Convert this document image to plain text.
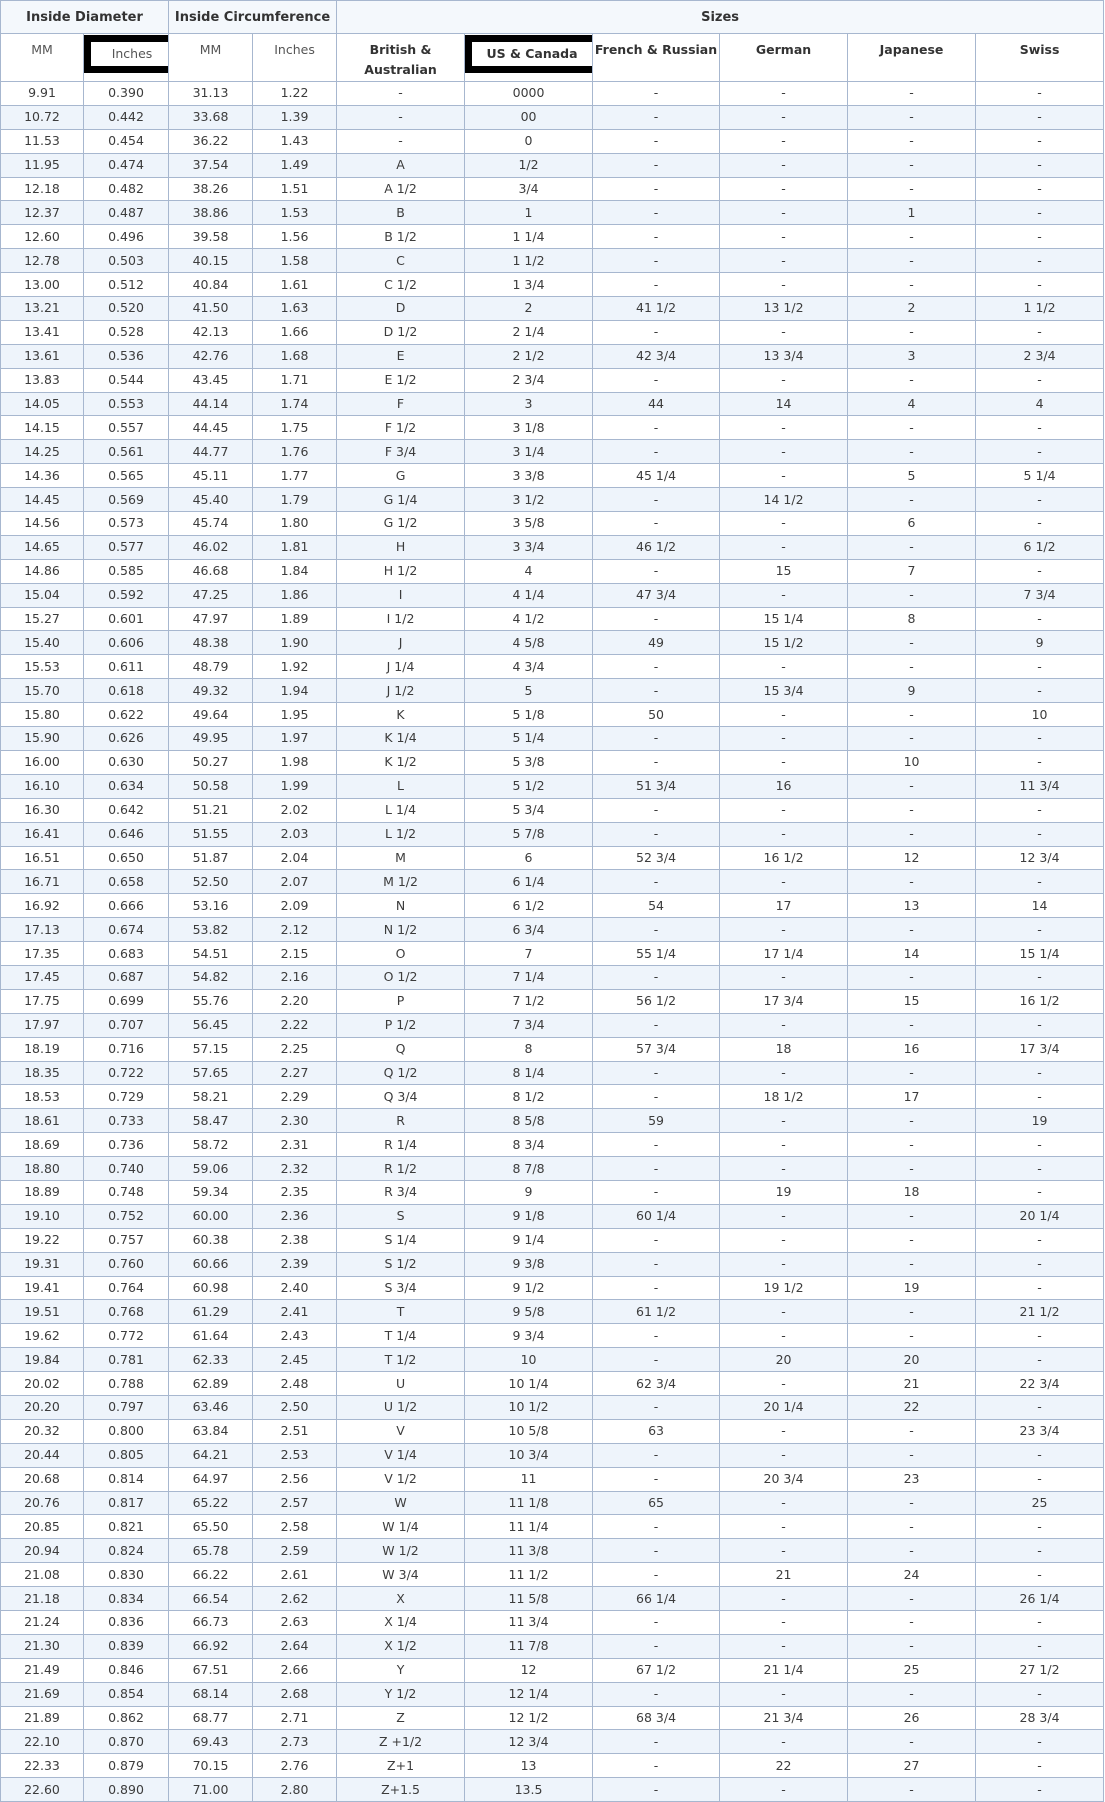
Inside Diameter		Inside Circumference		Sizes					
MM	Inches	MM	Inches	British & Australian	US & Canada	French & Russian	German	Japanese	Swiss
9.91	0.390	31.13	1.22	-	0000	-	-	-	-
10.72	0.442	33.68	1.39	-	00	-	-	-	-
11.53	0.454	36.22	1.43	-	0	-	-	-	-
11.95	0.474	37.54	1.49	A	1/2	-	-	-	-
12.18	0.482	38.26	1.51	A 1/2	3/4	-	-	-	-
12.37	0.487	38.86	1.53	B	1	-	-	1	-
12.60	0.496	39.58	1.56	B 1/2	1 1/4	-	-	-	-
12.78	0.503	40.15	1.58	C	1 1/2	-	-	-	-
13.00	0.512	40.84	1.61	C 1/2	1 3/4	-	-	-	-
13.21	0.520	41.50	1.63	D	2	41 1/2	13 1/2	2	1 1/2
13.41	0.528	42.13	1.66	D 1/2	2 1/4	-	-	-	-
13.61	0.536	42.76	1.68	E	2 1/2	42 3/4	13 3/4	3	2 3/4
13.83	0.544	43.45	1.71	E 1/2	2 3/4	-	-	-	-
14.05	0.553	44.14	1.74	F	3	44	14	4	4
14.15	0.557	44.45	1.75	F 1/2	3 1/8	-	-	-	-
14.25	0.561	44.77	1.76	F 3/4	3 1/4	-	-	-	-
14.36	0.565	45.11	1.77	G	3 3/8	45 1/4	-	5	5 1/4
14.45	0.569	45.40	1.79	G 1/4	3 1/2	-	14 1/2	-	-
14.56	0.573	45.74	1.80	G 1/2	3 5/8	-	-	6	-
14.65	0.577	46.02	1.81	H	3 3/4	46 1/2	-	-	6 1/2
14.86	0.585	46.68	1.84	H 1/2	4	-	15	7	-
15.04	0.592	47.25	1.86	I	4 1/4	47 3/4	-	-	7 3/4
15.27	0.601	47.97	1.89	I 1/2	4 1/2	-	15 1/4	8	-
15.40	0.606	48.38	1.90	J	4 5/8	49	15 1/2	-	9
15.53	0.611	48.79	1.92	J 1/4	4 3/4	-	-	-	-
15.70	0.618	49.32	1.94	J 1/2	5	-	15 3/4	9	-
15.80	0.622	49.64	1.95	K	5 1/8	50	-	-	10
15.90	0.626	49.95	1.97	K 1/4	5 1/4	-	-	-	-
16.00	0.630	50.27	1.98	K 1/2	5 3/8	-	-	10	-
16.10	0.634	50.58	1.99	L	5 1/2	51 3/4	16	-	11 3/4
16.30	0.642	51.21	2.02	L 1/4	5 3/4	-	-	-	-
16.41	0.646	51.55	2.03	L 1/2	5 7/8	-	-	-	-
16.51	0.650	51.87	2.04	M	6	52 3/4	16 1/2	12	12 3/4
16.71	0.658	52.50	2.07	M 1/2	6 1/4	-	-	-	-
16.92	0.666	53.16	2.09	N	6 1/2	54	17	13	14
17.13	0.674	53.82	2.12	N 1/2	6 3/4	-	-	-	-
17.35	0.683	54.51	2.15	O	7	55 1/4	17 1/4	14	15 1/4
17.45	0.687	54.82	2.16	O 1/2	7 1/4	-	-	-	-
17.75	0.699	55.76	2.20	P	7 1/2	56 1/2	17 3/4	15	16 1/2
17.97	0.707	56.45	2.22	P 1/2	7 3/4	-	-	-	-
18.19	0.716	57.15	2.25	Q	8	57 3/4	18	16	17 3/4
18.35	0.722	57.65	2.27	Q 1/2	8 1/4	-	-	-	-
18.53	0.729	58.21	2.29	Q 3/4	8 1/2	-	18 1/2	17	-
18.61	0.733	58.47	2.30	R	8 5/8	59	-	-	19
18.69	0.736	58.72	2.31	R 1/4	8 3/4	-	-	-	-
18.80	0.740	59.06	2.32	R 1/2	8 7/8	-	-	-	-
18.89	0.748	59.34	2.35	R 3/4	9	-	19	18	-
19.10	0.752	60.00	2.36	S	9 1/8	60 1/4	-	-	20 1/4
19.22	0.757	60.38	2.38	S 1/4	9 1/4	-	-	-	-
19.31	0.760	60.66	2.39	S 1/2	9 3/8	-	-	-	-
19.41	0.764	60.98	2.40	S 3/4	9 1/2	-	19 1/2	19	-
19.51	0.768	61.29	2.41	T	9 5/8	61 1/2	-	-	21 1/2
19.62	0.772	61.64	2.43	T 1/4	9 3/4	-	-	-	-
19.84	0.781	62.33	2.45	T 1/2	10	-	20	20	-
20.02	0.788	62.89	2.48	U	10 1/4	62 3/4	-	21	22 3/4
20.20	0.797	63.46	2.50	U 1/2	10 1/2	-	20 1/4	22	-
20.32	0.800	63.84	2.51	V	10 5/8	63	-	-	23 3/4
20.44	0.805	64.21	2.53	V 1/4	10 3/4	-	-	-	-
20.68	0.814	64.97	2.56	V 1/2	11	-	20 3/4	23	-
20.76	0.817	65.22	2.57	W	11 1/8	65	-	-	25
20.85	0.821	65.50	2.58	W 1/4	11 1/4	-	-	-	-
20.94	0.824	65.78	2.59	W 1/2	11 3/8	-	-	-	-
21.08	0.830	66.22	2.61	W 3/4	11 1/2	-	21	24	-
21.18	0.834	66.54	2.62	X	11 5/8	66 1/4	-	-	26 1/4
21.24	0.836	66.73	2.63	X 1/4	11 3/4	-	-	-	-
21.30	0.839	66.92	2.64	X 1/2	11 7/8	-	-	-	-
21.49	0.846	67.51	2.66	Y	12	67 1/2	21 1/4	25	27 1/2
21.69	0.854	68.14	2.68	Y 1/2	12 1/4	-	-	-	-
21.89	0.862	68.77	2.71	Z	12 1/2	68 3/4	21 3/4	26	28 3/4
22.10	0.870	69.43	2.73	Z +1/2	12 3/4	-	-	-	-
22.33	0.879	70.15	2.76	Z+1	13	-	22	27	-
22.60	0.890	71.00	2.80	Z+1.5	13.5	-	-	-	-
